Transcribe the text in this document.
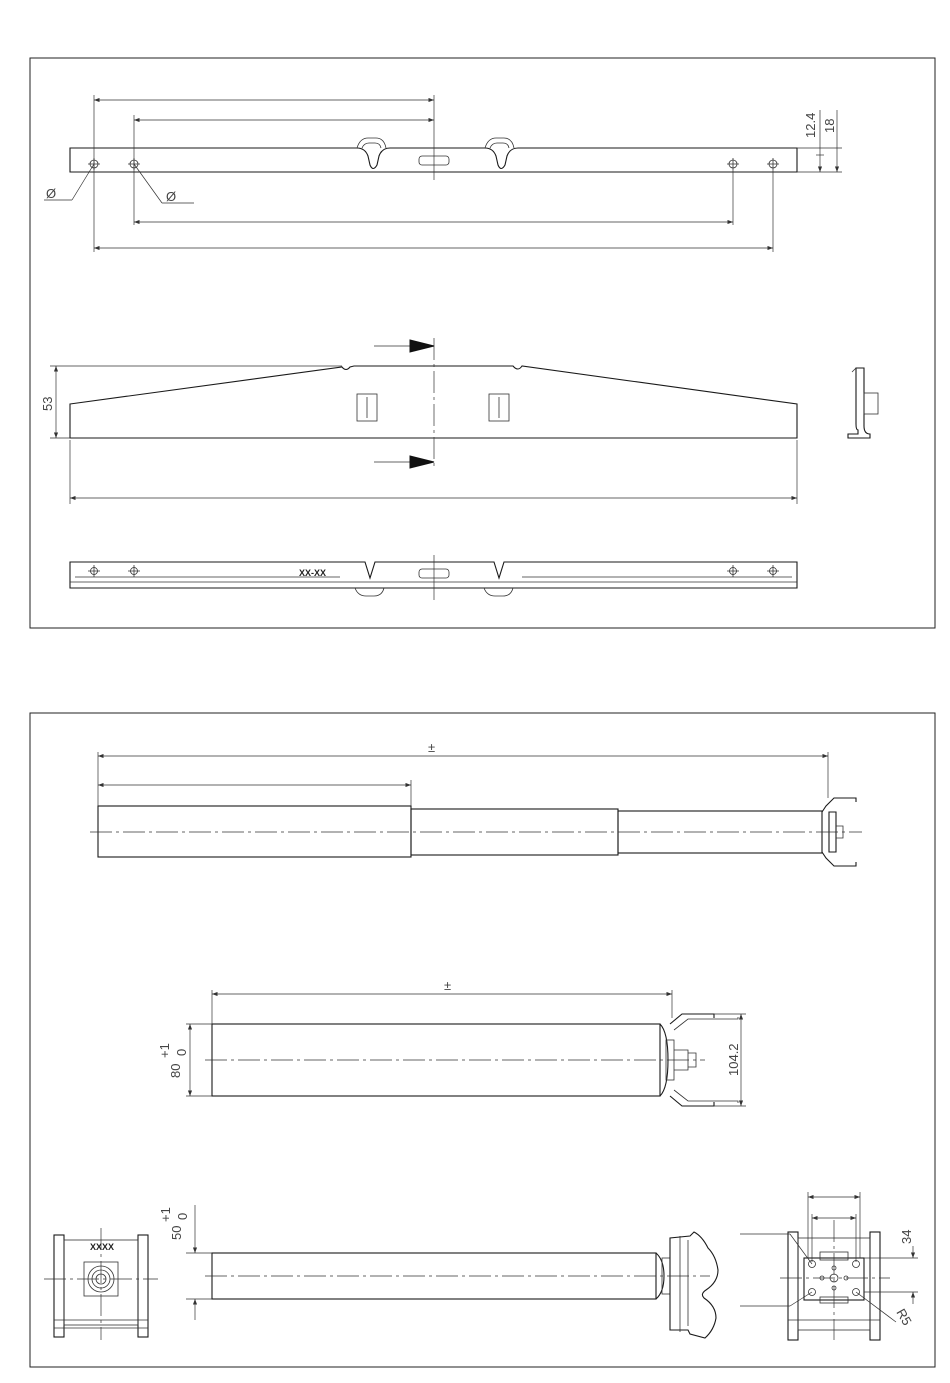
Ø	Ø
12.4 18
53
XX-XX
±
±
80
+1 0	104.2
XXXX
50
+1 0
34
R5
